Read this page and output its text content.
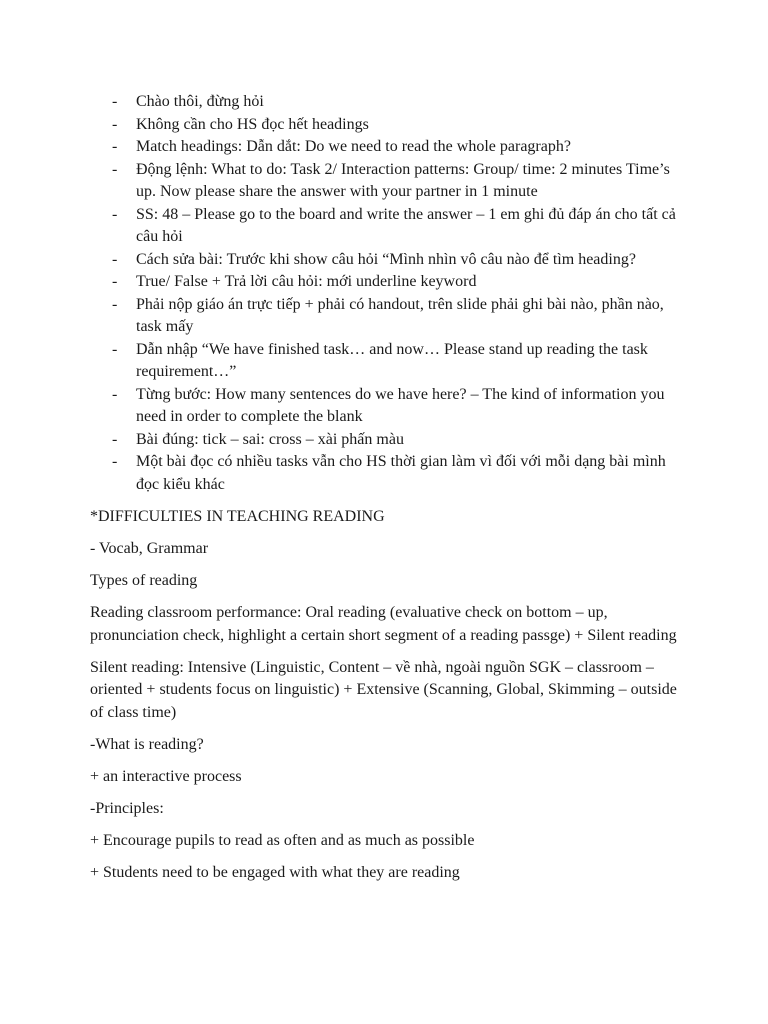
- Chào thôi, đừng hỏi
- Không cần cho HS đọc hết headings
- Match headings: Dẫn dắt: Do we need to read the whole paragraph?
- Động lệnh: What to do: Task 2/ Interaction patterns: Group/ time: 2 minutes Time’s up. Now please share the answer with your partner in 1 minute
- SS: 48 – Please go to the board and write the answer – 1 em ghi đủ đáp án cho tất cả câu hỏi
- Cách sửa bài: Trước khi show câu hỏi “Mình nhìn vô câu nào để tìm heading?
- True/ False + Trả lời câu hỏi: mới underline keyword
- Phải nộp giáo án trực tiếp + phải có handout, trên slide phải ghi bài nào, phần nào, task mấy
- Dẫn nhập “We have finished task… and now… Please stand up reading the task requirement…”
- Từng bước: How many sentences do we have here? – The kind of information you need in order to complete the blank
- Bài đúng: tick – sai: cross – xài phấn màu
- Một bài đọc có nhiều tasks vẫn cho HS thời gian làm vì đối với mỗi dạng bài mình đọc kiểu khác

*DIFFICULTIES IN TEACHING READING

- Vocab, Grammar

Types of reading

Reading classroom performance: Oral reading (evaluative check on bottom – up, pronunciation check, highlight a certain short segment of a reading passge) + Silent reading

Silent reading: Intensive (Linguistic, Content – về nhà, ngoài nguồn SGK – classroom – oriented + students focus on linguistic) + Extensive (Scanning, Global, Skimming – outside of class time)

-What is reading?

+ an interactive process

-Principles:

+ Encourage pupils to read as often and as much as possible

+ Students need to be engaged with what they are reading
